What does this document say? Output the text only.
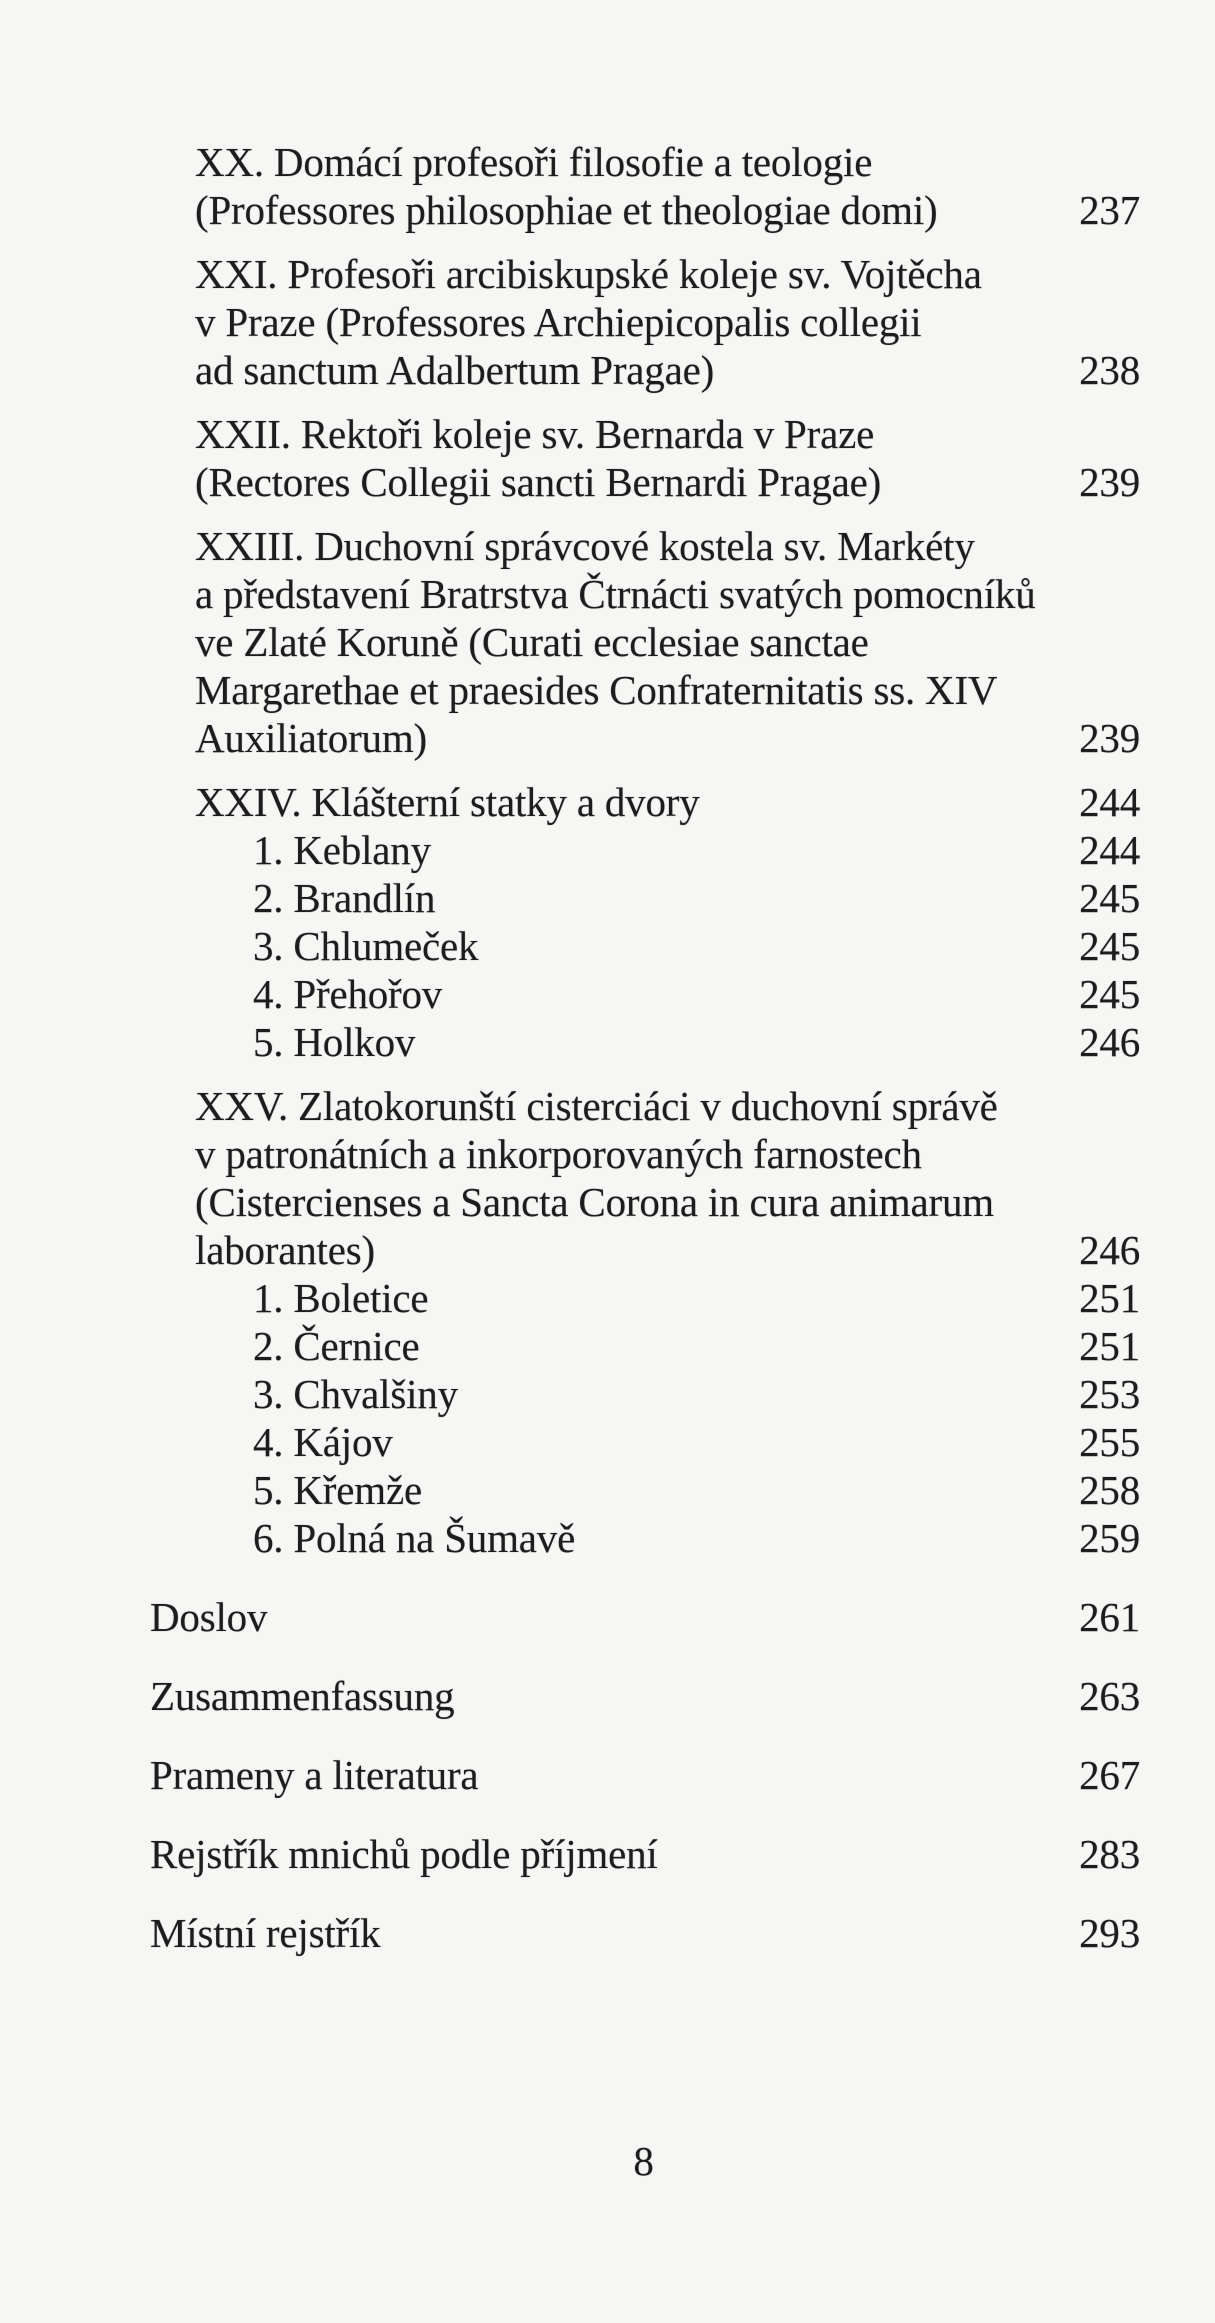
XX. Domácí profesoři filosofie a teologie
(Professores philosophiae et theologiae domi)	237
XXI. Profesoři arcibiskupské koleje sv. Vojtěcha
v Praze (Professores Archiepicopalis collegii
ad sanctum Adalbertum Pragae)	238
XXII. Rektoři koleje sv. Bernarda v Praze
(Rectores Collegii sancti Bernardi Pragae)	239
XXIII. Duchovní správcové kostela sv. Markéty
a představení Bratrstva Čtrnácti svatých pomocníků
ve Zlaté Koruně (Curati ecclesiae sanctae
Margarethae et praesides Confraternitatis ss. XIV
Auxiliatorum)	239
XXIV. Klášterní statky a dvory	244
1. Keblany	244
2. Brandlín	245
3. Chlumeček	245
4. Přehořov	245
5. Holkov	246
XXV. Zlatokorunští cisterciáci v duchovní správě
v patronátních a inkorporovaných farnostech
(Cistercienses a Sancta Corona in cura animarum
laborantes)	246
1. Boletice	251
2. Černice	251
3. Chvalšiny	253
4. Kájov	255
5. Křemže	258
6. Polná na Šumavě	259
Doslov	261
Zusammenfassung	263
Prameny a literatura	267
Rejstřík mnichů podle příjmení	283
Místní rejstřík	293
8
